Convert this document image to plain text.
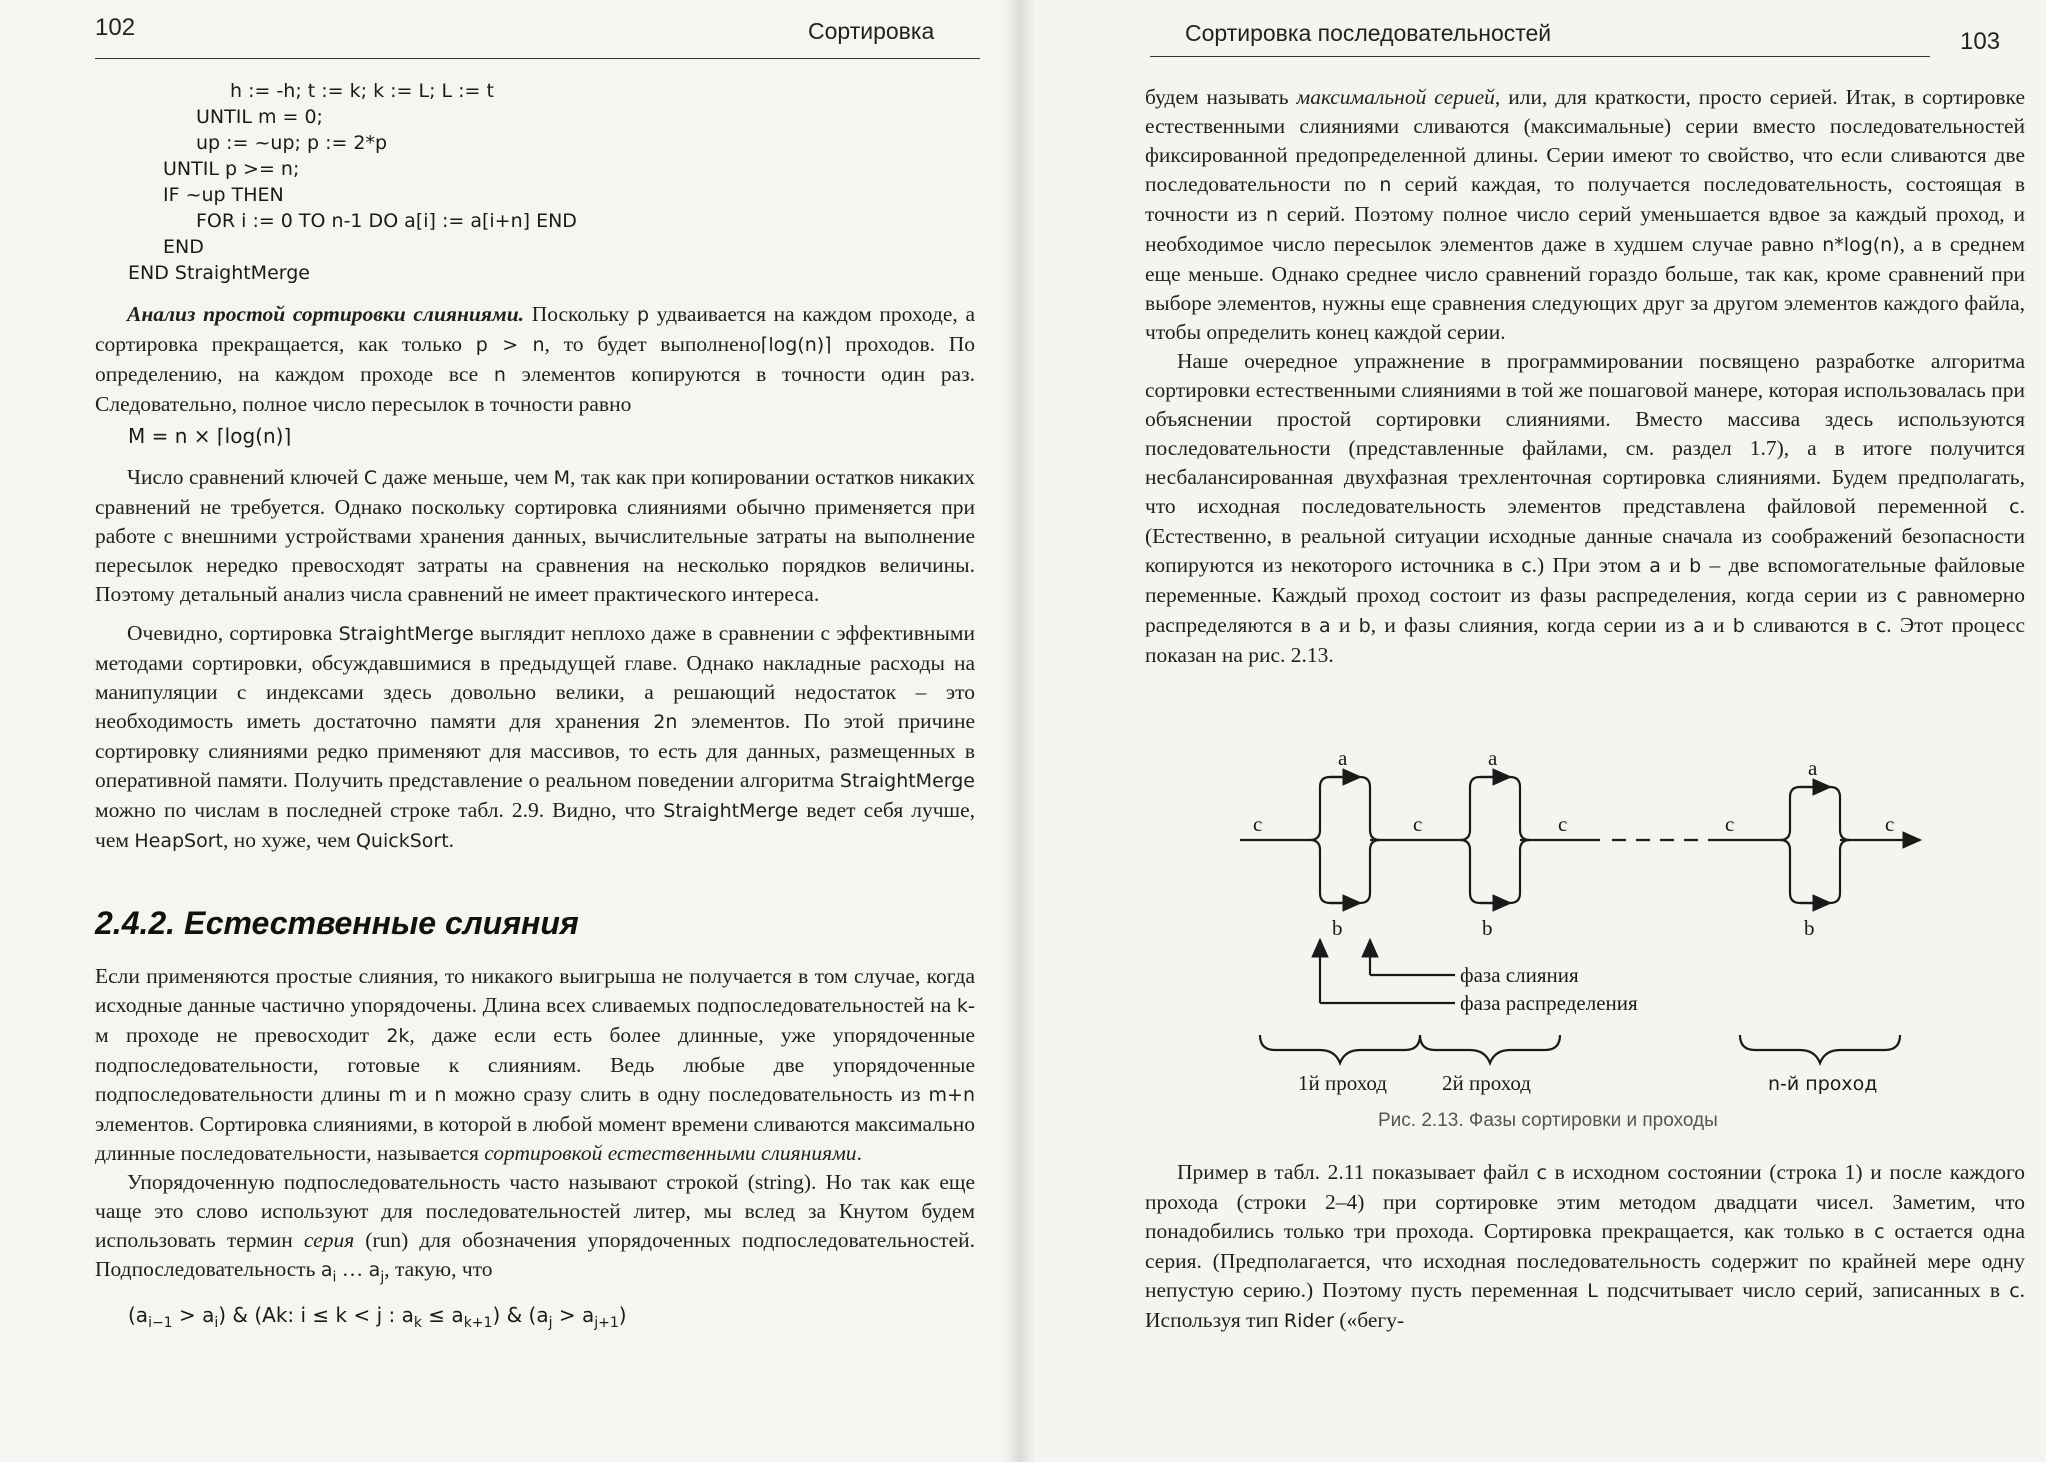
102	Сортировка
h := -h; t := k; k := L; L := t
UNTIL m = 0;
up := ~up; p := 2*p
UNTIL p >= n;
IF ~up THEN
FOR i := 0 TO n-1 DO a[i] := a[i+n] END
END
END StraightMerge

Анализ простой сортировки слияниями. Поскольку p удваивается на каждом проходе, а сортировка прекращается, как только p > n, то будет выполнено⌈log(n)⌉ проходов. По определению, на каждом проходе все n элементов копируются в точности один раз. Следовательно, полное число пересылок в точности равно

M = n × ⌈log(n)⌉

Число сравнений ключей C даже меньше, чем M, так как при копировании остатков никаких сравнений не требуется. Однако поскольку сортировка слияниями обычно применяется при работе с внешними устройствами хранения данных, вычислительные затраты на выполнение пересылок нередко превосходят затраты на сравнения на несколько порядков величины. Поэтому детальный анализ числа сравнений не имеет практического интереса.

Очевидно, сортировка StraightMerge выглядит неплохо даже в сравнении с эффективными методами сортировки, обсуждавшимися в предыдущей главе. Однако накладные расходы на манипуляции с индексами здесь довольно велики, а решающий недостаток – это необходимость иметь достаточно памяти для хранения 2n элементов. По этой причине сортировку слияниями редко применяют для массивов, то есть для данных, размещенных в оперативной памяти. Получить представление о реальном поведении алгоритма StraightMerge можно по числам в последней строке табл. 2.9. Видно, что StraightMerge ведет себя лучше, чем HeapSort, но хуже, чем QuickSort.

2.4.2. Естественные слияния

Если применяются простые слияния, то никакого выигрыша не получается в том случае, когда исходные данные частично упорядочены. Длина всех сливаемых подпоследовательностей на k-м проходе не превосходит 2k, даже если есть более длинные, уже упорядоченные подпоследовательности, готовые к слияниям. Ведь любые две упорядоченные подпоследовательности длины m и n можно сразу слить в одну последовательность из m+n элементов. Сортировка слияниями, в которой в любой момент времени сливаются максимально длинные последовательности, называется сортировкой естественными слияниями.

Упорядоченную подпоследовательность часто называют строкой (string). Но так как еще чаще это слово используют для последовательностей литер, мы вслед за Кнутом будем использовать термин серия (run) для обозначения упорядоченных подпоследовательностей. Подпоследовательность $a_i$ … $a_j$, такую, что

$(a_{i-1} > a_i)$ & (Ak: i ≤ k < j : $a_k \le a_{k+1}$) & $(a_j > a_{j+1})$
Сортировка последовательностей	103

будем называть максимальной серией, или, для краткости, просто серией. Итак, в сортировке естественными слияниями сливаются (максимальные) серии вместо последовательностей фиксированной предопределенной длины. Серии имеют то свойство, что если сливаются две последовательности по n серий каждая, то получается последовательность, состоящая в точности из n серий. Поэтому полное число серий уменьшается вдвое за каждый проход, и необходимое число пересылок элементов даже в худшем случае равно n*log(n), а в среднем еще меньше. Однако среднее число сравнений гораздо больше, так как, кроме сравнений при выборе элементов, нужны еще сравнения следующих друг за другом элементов каждого файла, чтобы определить конец каждой серии.

Наше очередное упражнение в программировании посвящено разработке алгоритма сортировки естественными слияниями в той же пошаговой манере, которая использовалась при объяснении простой сортировки слияниями. Вместо массива здесь используются последовательности (представленные файлами, см. раздел 1.7), а в итоге получится несбалансированная двухфазная трехленточная сортировка слияниями. Будем предполагать, что исходная последовательность элементов представлена файловой переменной c. (Естественно, в реальной ситуации исходные данные сначала из соображений безопасности копируются из некоторого источника в c.) При этом a и b – две вспомогательные файловые переменные. Каждый проход состоит из фазы распределения, когда серии из c равномерно распределяются в a и b, и фазы слияния, когда серии из a и b сливаются в c. Этот процесс показан на рис. 2.13.

a	a	a
b	b	b
c	c	c	c	c
фаза слияния
фаза распределения
1й проход	2й проход	n-й проход
Рис. 2.13. Фазы сортировки и проходы

Пример в табл. 2.11 показывает файл c в исходном состоянии (строка 1) и после каждого прохода (строки 2–4) при сортировке этим методом двадцати чисел. Заметим, что понадобились только три прохода. Сортировка прекращается, как только в c остается одна серия. (Предполагается, что исходная последовательность содержит по крайней мере одну непустую серию.) Поэтому пусть переменная L подсчитывает число серий, записанных в c. Используя тип Rider («бегу-
